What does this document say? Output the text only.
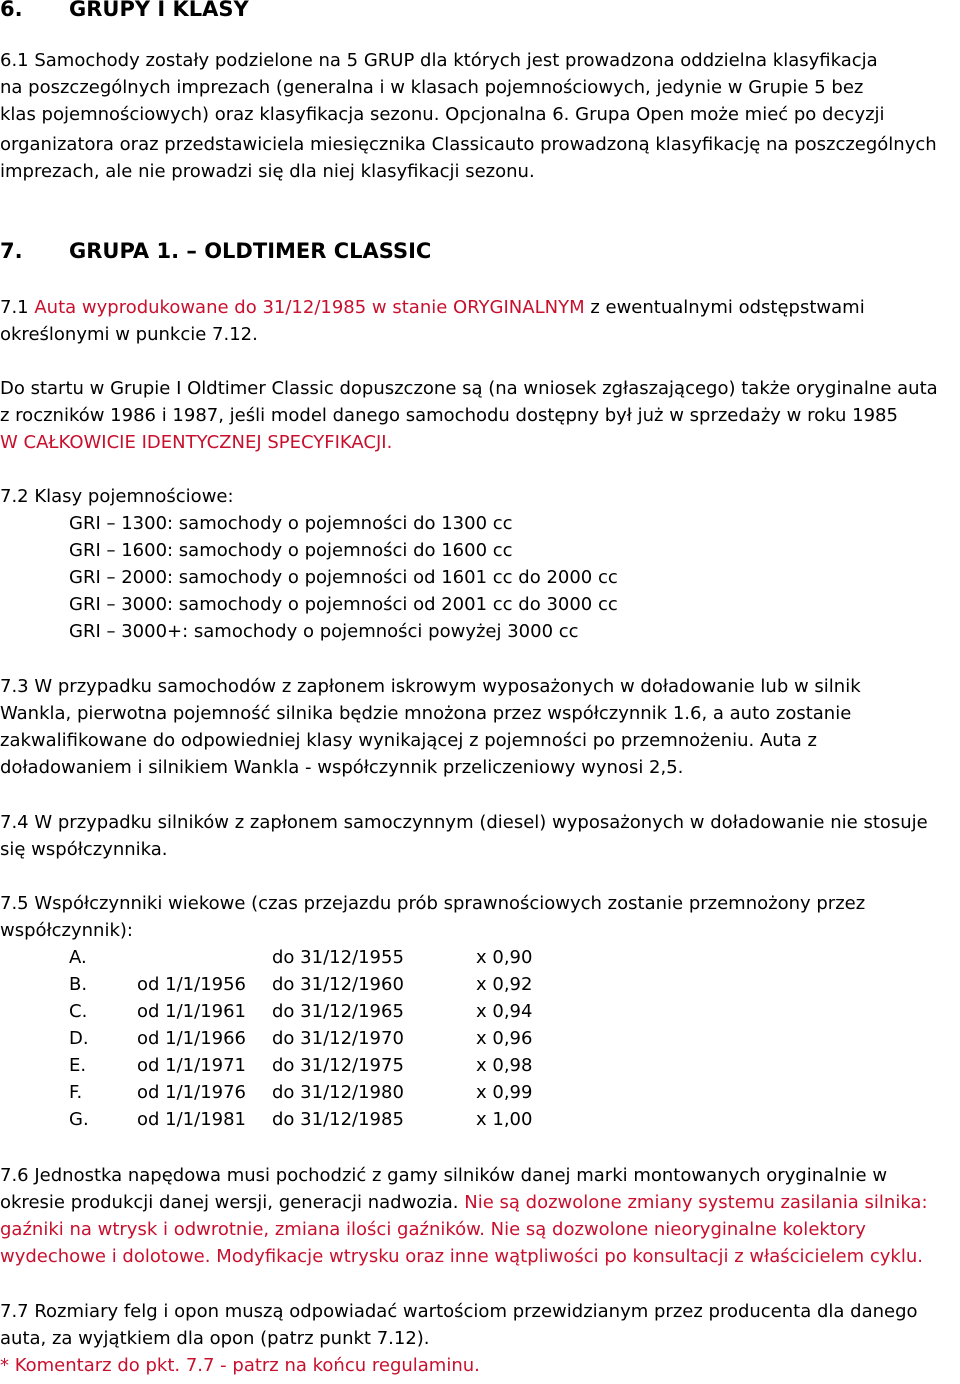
6. GRUPY I KLASY
6.1 Samochody zostały podzielone na 5 GRUP dla których jest prowadzona oddzielna klasyfikacja
na poszczególnych imprezach (generalna i w klasach pojemnościowych, jedynie w Grupie 5 bez
klas pojemnościowych) oraz klasyfikacja sezonu. Opcjonalna 6. Grupa Open może mieć po decyzji
organizatora oraz przedstawiciela miesięcznika Classicauto prowadzoną klasyfikację na poszczególnych
imprezach, ale nie prowadzi się dla niej klasyfikacji sezonu.
7. GRUPA 1. – OLDTIMER CLASSIC
7.1 Auta wyprodukowane do 31/12/1985 w stanie ORYGINALNYM z ewentualnymi odstępstwami
określonymi w punkcie 7.12.
Do startu w Grupie I Oldtimer Classic dopuszczone są (na wniosek zgłaszającego) także oryginalne auta
z roczników 1986 i 1987, jeśli model danego samochodu dostępny był już w sprzedaży w roku 1985
W CAŁKOWICIE IDENTYCZNEJ SPECYFIKACJI.
7.2 Klasy pojemnościowe:
GRI – 1300: samochody o pojemności do 1300 cc
GRI – 1600: samochody o pojemności do 1600 cc
GRI – 2000: samochody o pojemności od 1601 cc do 2000 cc
GRI – 3000: samochody o pojemności od 2001 cc do 3000 cc
GRI – 3000+: samochody o pojemności powyżej 3000 cc
7.3 W przypadku samochodów z zapłonem iskrowym wyposażonych w doładowanie lub w silnik
Wankla, pierwotna pojemność silnika będzie mnożona przez współczynnik 1.6, a auto zostanie
zakwalifikowane do odpowiedniej klasy wynikającej z pojemności po przemnożeniu. Auta z
doładowaniem i silnikiem Wankla - współczynnik przeliczeniowy wynosi 2,5.
7.4 W przypadku silników z zapłonem samoczynnym (diesel) wyposażonych w doładowanie nie stosuje
się współczynnika.
7.5 Współczynniki wiekowe (czas przejazdu prób sprawnościowych zostanie przemnożony przez
współczynnik):
A.	do 31/12/1955	x 0,90
B.	od 1/1/1956 do 31/12/1960	x 0,92
C.	od 1/1/1961 do 31/12/1965	x 0,94
D.	od 1/1/1966 do 31/12/1970	x 0,96
E.	od 1/1/1971 do 31/12/1975	x 0,98
F.	od 1/1/1976 do 31/12/1980	x 0,99
G.	od 1/1/1981 do 31/12/1985	x 1,00
7.6 Jednostka napędowa musi pochodzić z gamy silników danej marki montowanych oryginalnie w
okresie produkcji danej wersji, generacji nadwozia. Nie są dozwolone zmiany systemu zasilania silnika:
gaźniki na wtrysk i odwrotnie, zmiana ilości gaźników. Nie są dozwolone nieoryginalne kolektory
wydechowe i dolotowe. Modyfikacje wtrysku oraz inne wątpliwości po konsultacji z właścicielem cyklu.
7.7 Rozmiary felg i opon muszą odpowiadać wartościom przewidzianym przez producenta dla danego
auta, za wyjątkiem dla opon (patrz punkt 7.12).
* Komentarz do pkt. 7.7 - patrz na końcu regulaminu.
